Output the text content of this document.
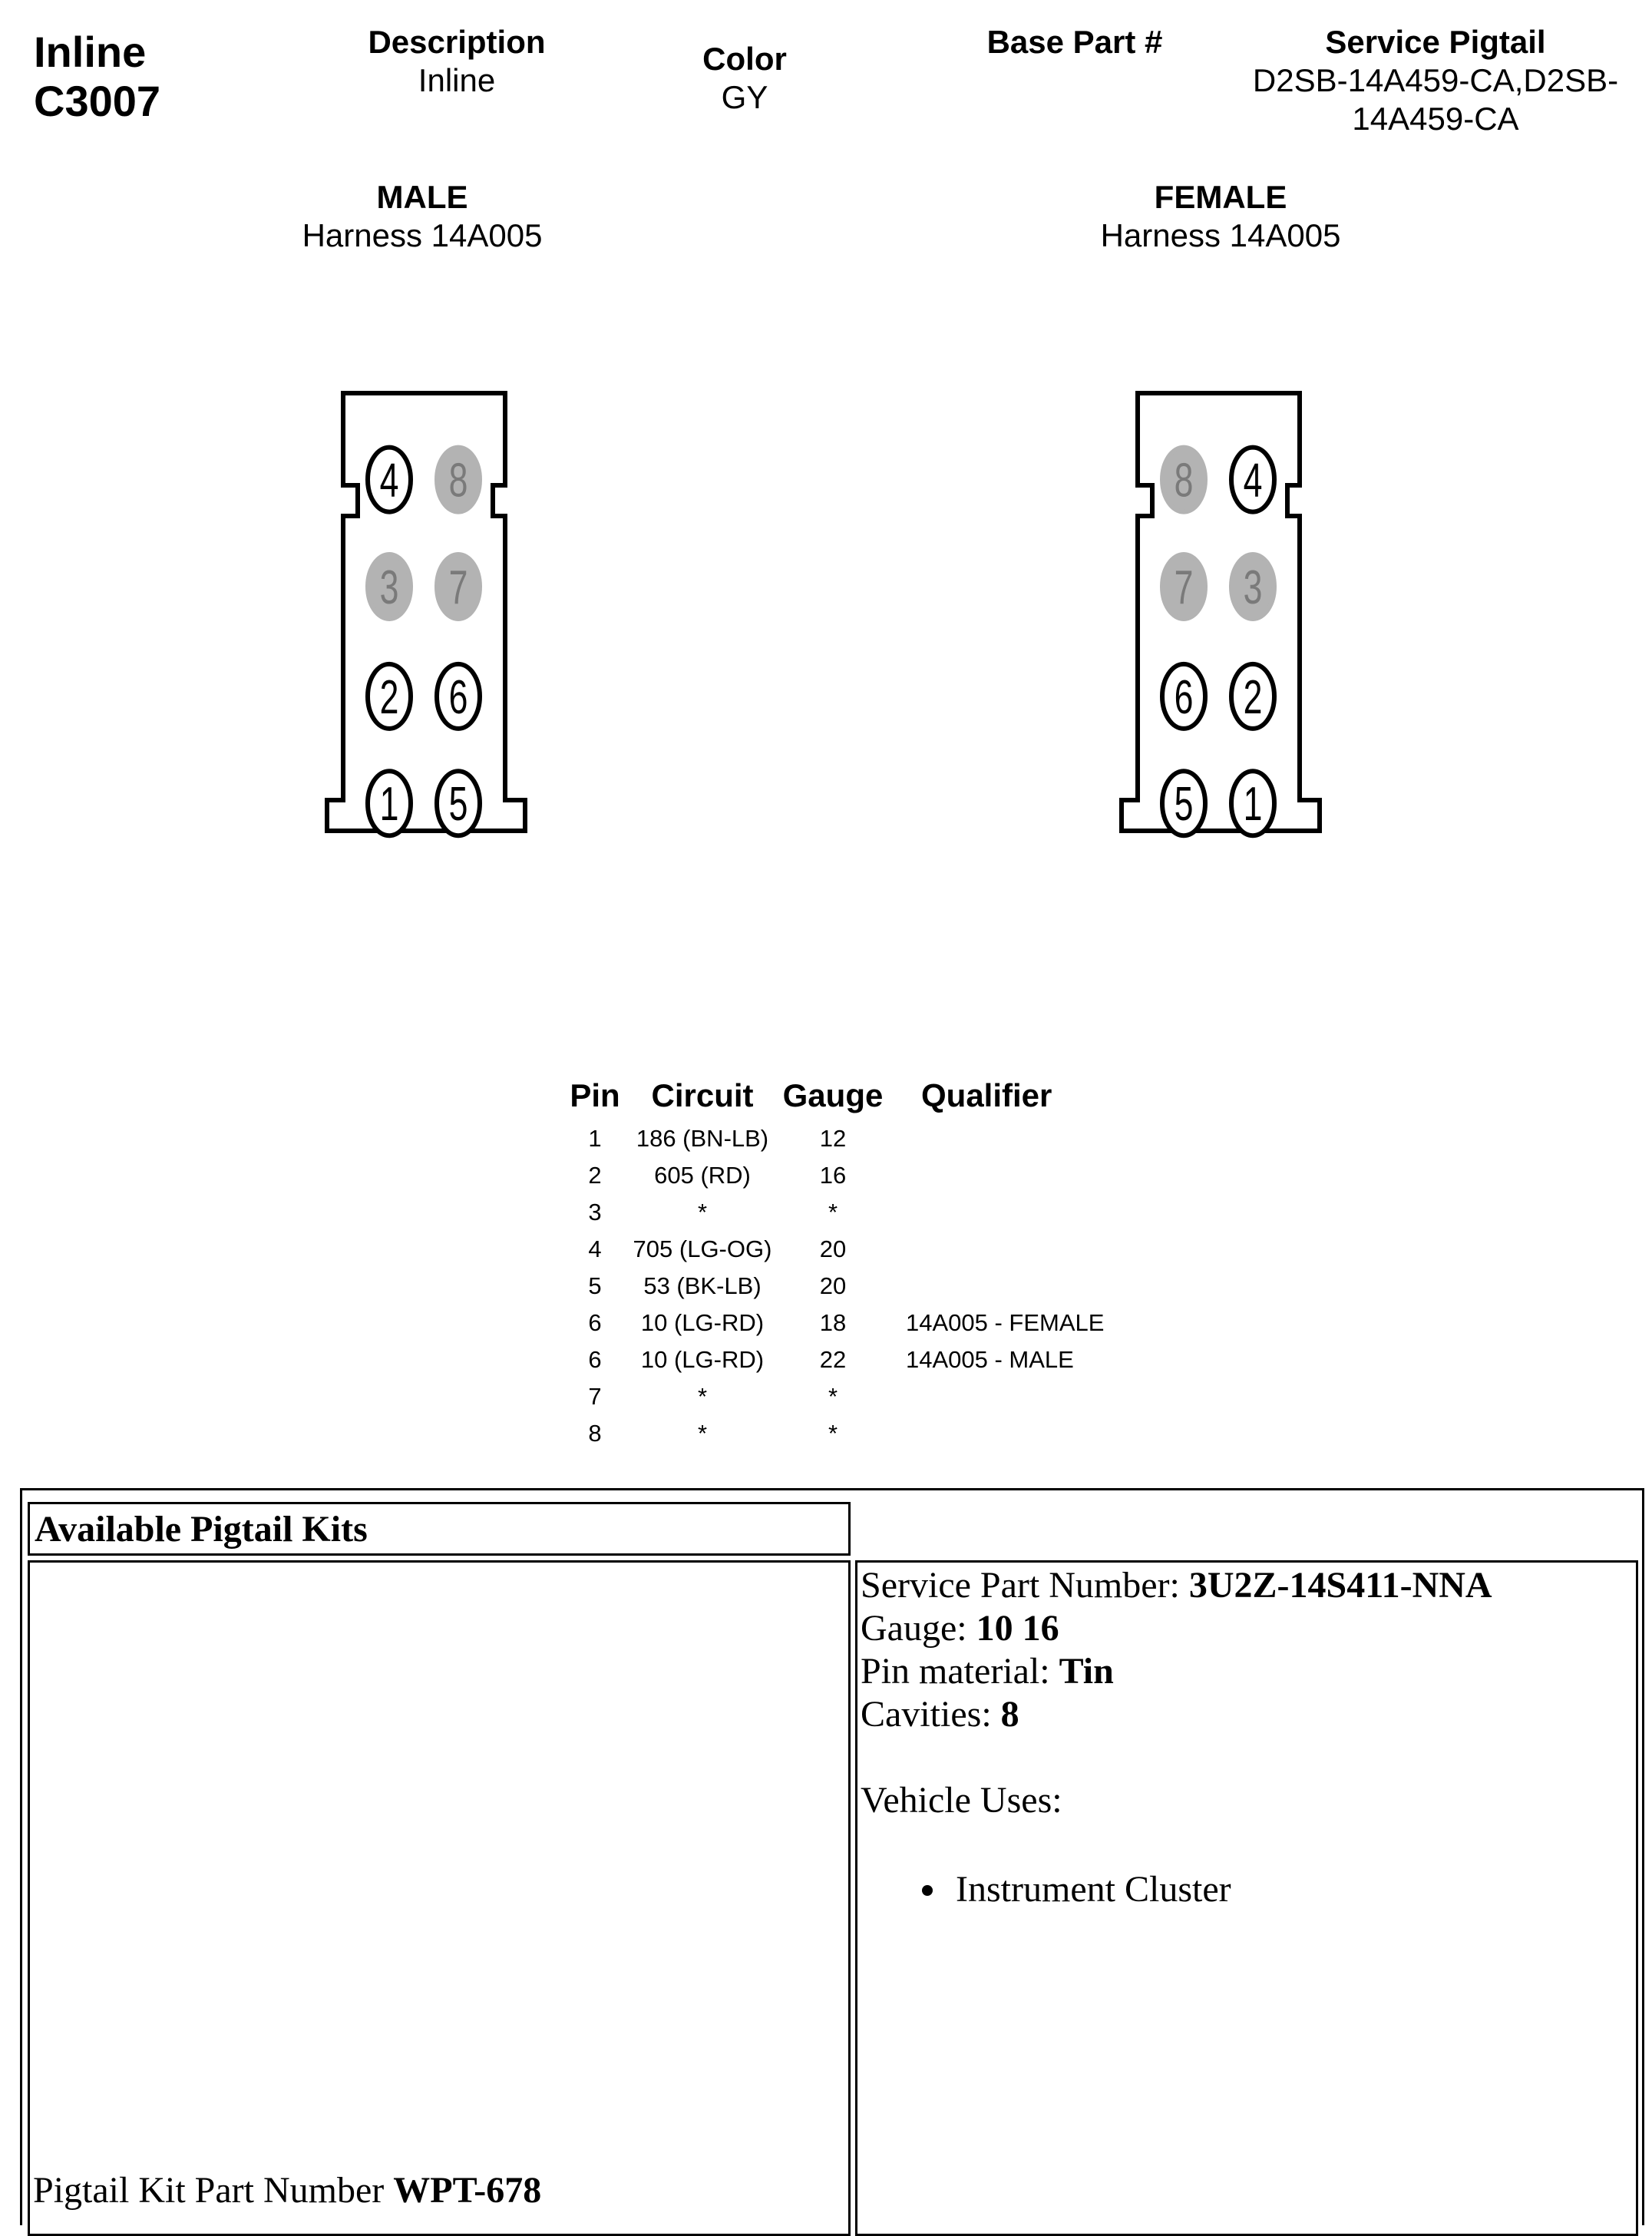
Inline
C3007
Description
Inline
Color
GY
Base Part #	Service Pigtail
D2SB-14A459-CA,D2SB-
14A459-CA
MALE
Harness 14A005
FEMALE
Harness 14A005
4 8
3 7
2 6
1 5
8 4
7 3
6 2
5 1
Pin	Circuit	Gauge	Qualifier
1	186 (BN-LB)	12	
2	605 (RD)	16	
3	*	*	
4	705 (LG-OG)	20	
5	53 (BK-LB)	20	
6	10 (LG-RD)	18	14A005 - FEMALE
6	10 (LG-RD)	22	14A005 - MALE
7	*	*	
8	*	*	
Available Pigtail Kits
Pigtail Kit Part Number WPT-678
Service Part Number: 3U2Z-14S411-NNA
Gauge: 10 16
Pin material: Tin
Cavities: 8
Vehicle Uses:
Instrument Cluster
